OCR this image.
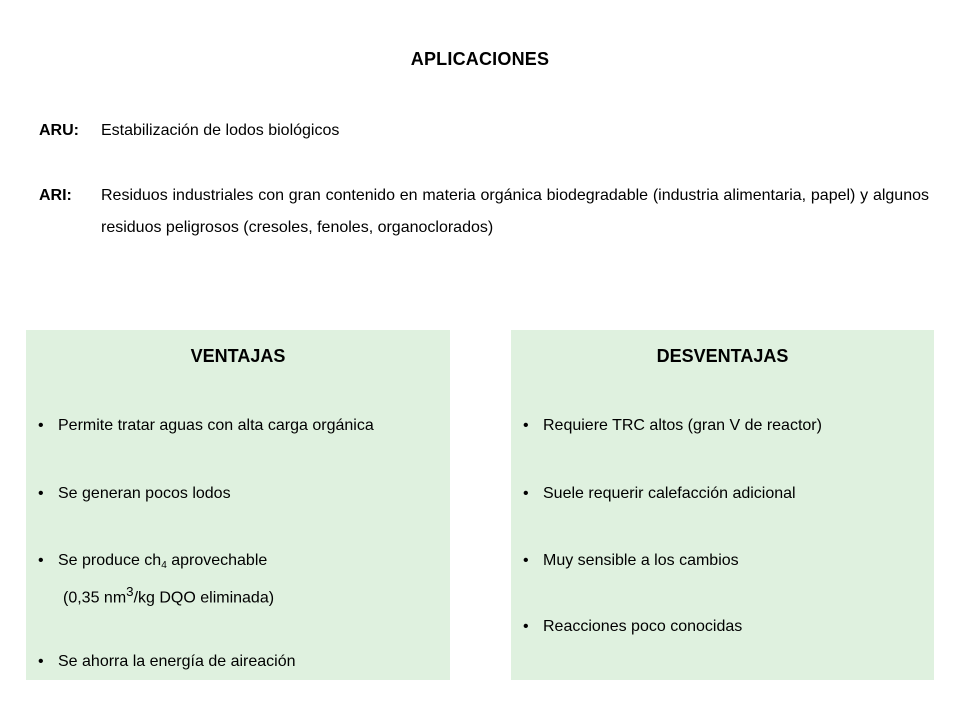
APLICACIONES
ARU: Estabilización de lodos biológicos
ARI: Residuos industriales con gran contenido en materia orgánica biodegradable (industria alimentaria, papel) y algunos residuos peligrosos (cresoles, fenoles, organoclorados)
VENTAJAS
• Permite tratar aguas con alta carga orgánica
• Se generan pocos lodos
• Se produce $ch_4$ aprovechable
(0,35 $nm^3/kg$ DQO eliminada)
• Se ahorra la energía de aireación
DESVENTAJAS
• Requiere TRC altos (gran V de reactor)
• Suele requerir calefacción adicional
• Muy sensible a los cambios
• Reacciones poco conocidas
